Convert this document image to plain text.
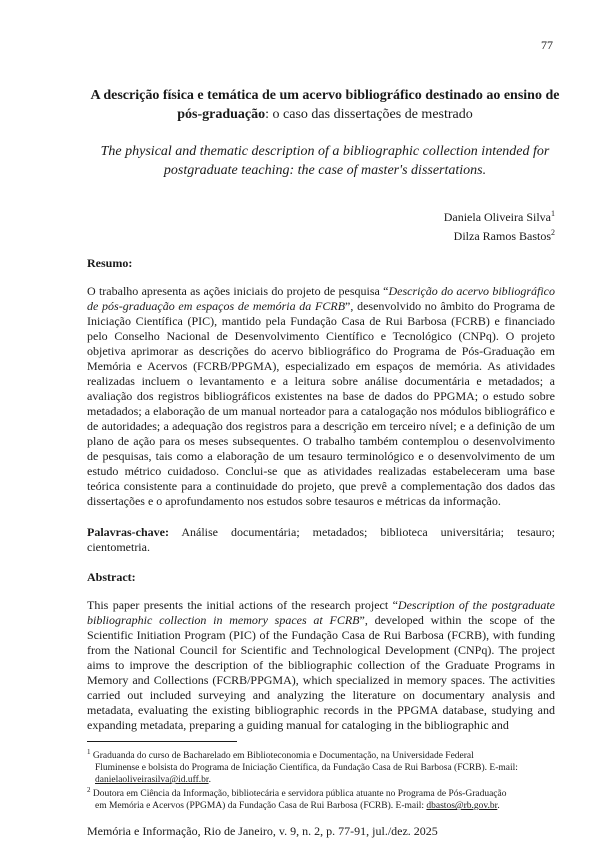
77
A descrição física e temática de um acervo bibliográfico destinado ao ensino de pós-graduação: o caso das dissertações de mestrado
The physical and thematic description of a bibliographic collection intended for postgraduate teaching: the case of master's dissertations.
Daniela Oliveira Silva$^1$
Dilza Ramos Bastos$^2$
Resumo:
O trabalho apresenta as ações iniciais do projeto de pesquisa “Descrição do acervo bibliográfico de pós-graduação em espaços de memória da FCRB”, desenvolvido no âmbito do Programa de Iniciação Científica (PIC), mantido pela Fundação Casa de Rui Barbosa (FCRB) e financiado pelo Conselho Nacional de Desenvolvimento Científico e Tecnológico (CNPq). O projeto objetiva aprimorar as descrições do acervo bibliográfico do Programa de Pós-Graduação em Memória e Acervos (FCRB/PPGMA), especializado em espaços de memória. As atividades realizadas incluem o levantamento e a leitura sobre análise documentária e metadados; a avaliação dos registros bibliográficos existentes na base de dados do PPGMA; o estudo sobre metadados; a elaboração de um manual norteador para a catalogação nos módulos bibliográfico e de autoridades; a adequação dos registros para a descrição em terceiro nível; e a definição de um plano de ação para os meses subsequentes. O trabalho também contemplou o desenvolvimento de pesquisas, tais como a elaboração de um tesauro terminológico e o desenvolvimento de um estudo métrico cuidadoso. Conclui-se que as atividades realizadas estabeleceram uma base teórica consistente para a continuidade do projeto, que prevê a complementação dos dados das dissertações e o aprofundamento nos estudos sobre tesauros e métricas da informação.
Palavras-chave: Análise documentária; metadados; biblioteca universitária; tesauro; cientometria.
Abstract:
This paper presents the initial actions of the research project “Description of the postgraduate bibliographic collection in memory spaces at FCRB”, developed within the scope of the Scientific Initiation Program (PIC) of the Fundação Casa de Rui Barbosa (FCRB), with funding from the National Council for Scientific and Technological Development (CNPq). The project aims to improve the description of the bibliographic collection of the Graduate Programs in Memory and Collections (FCRB/PPGMA), which specialized in memory spaces. The activities carried out included surveying and analyzing the literature on documentary analysis and metadata, evaluating the existing bibliographic records in the PPGMA database, studying and expanding metadata, preparing a guiding manual for cataloging in the bibliographic and
$^1$ Graduanda do curso de Bacharelado em Biblioteconomia e Documentação, na Universidade Federal
Fluminense e bolsista do Programa de Iniciação Científica, da Fundação Casa de Rui Barbosa (FCRB). E-mail:
danielaoliveirasilva@id.uff.br.
$^2$ Doutora em Ciência da Informação, bibliotecária e servidora pública atuante no Programa de Pós-Graduação
em Memória e Acervos (PPGMA) da Fundação Casa de Rui Barbosa (FCRB). E-mail: dbastos@rb.gov.br.
Memória e Informação, Rio de Janeiro, v. 9, n. 2, p. 77-91, jul./dez. 2025
